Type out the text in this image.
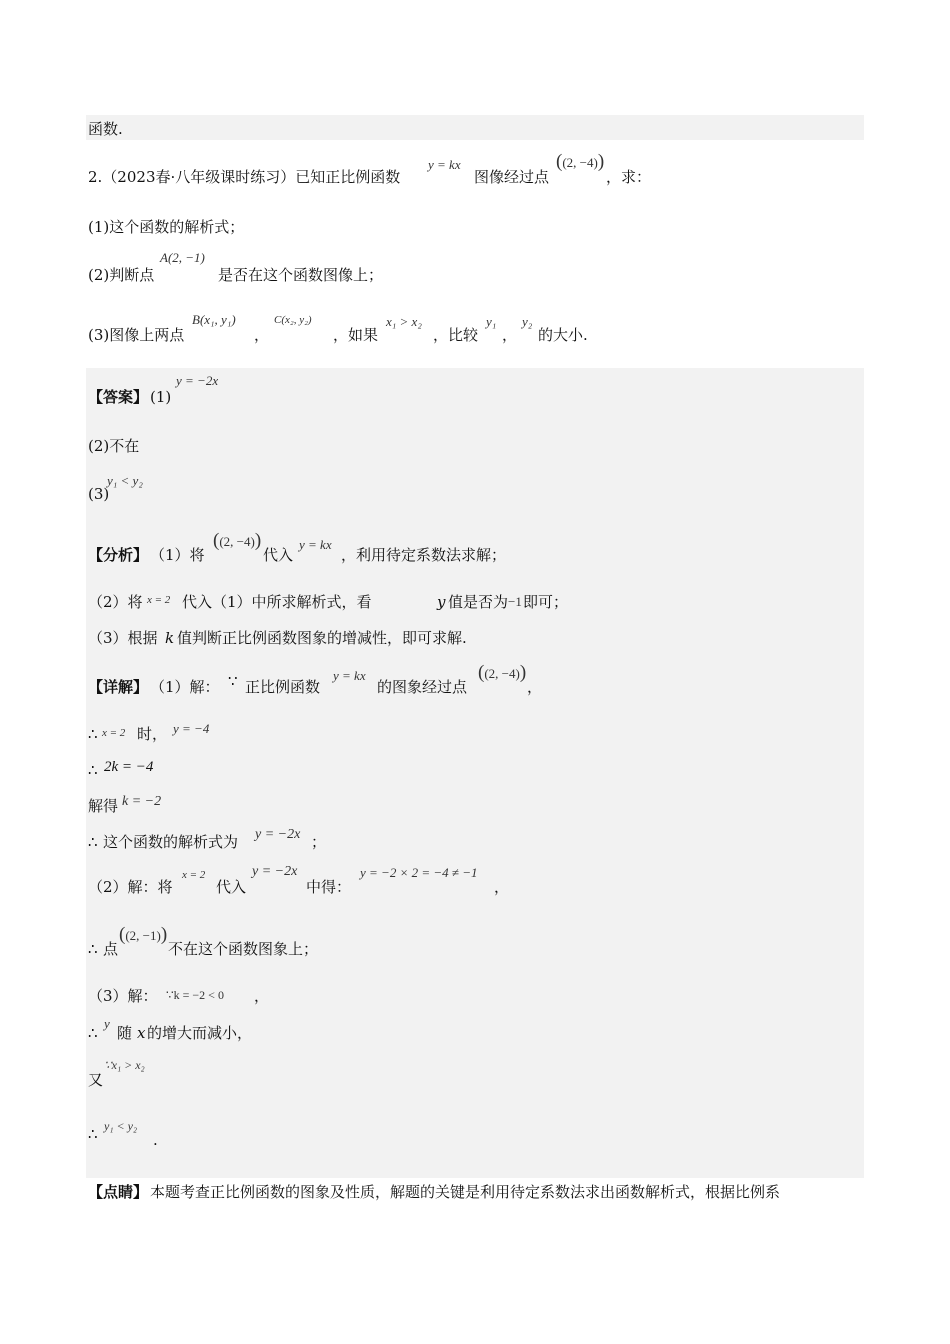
函数.
2.（2023春·八年级课时练习）已知正比例函数
y = kx
图像经过点
((2, −4))
，求：
(1)这个函数的解析式；
(2)判断点
A(2, −1)
是否在这个函数图像上；
(3)图像上两点
B(x₁, y₁)
，
C(x₂, y₂)
，如果
x₁ > x₂
，比较
y₁
，
y₂
的大小.
【答案】 (1)
y = −2x
(2)不在
(3)
y₁ < y₂
【分析】 （1）将
((2, −4))
代入
y = kx
，利用待定系数法求解；
（2）将 x = 2 代入（1）中所求解析式，看	y 值是否为 −1 即可；
（3）根据 k 值判断正比例函数图象的增减性，即可求解.
【详解】 （1）解： ∵ 正比例函数
y = kx
的图象经过点
((2, −4))
，
∴ x = 2 时， y = −4
∴ 2k = −4
解得 k = −2
∴ 这个函数的解析式为 y = −2x ；
（2）解：将
x = 2
代入
y = −2x
中得：
y = −2 × 2 = −4 ≠ −1
，
∴ 点
((2, −1))
不在这个函数图象上；
（3）解： ∵k = −2 < 0 ，
∴
y
随 x 的增大而减小，
又
∵x₁ > x₂
∴ y₁ < y₂
.
【点睛】 本题考查正比例函数的图象及性质，解题的关键是利用待定系数法求出函数解析式，根据比例系
